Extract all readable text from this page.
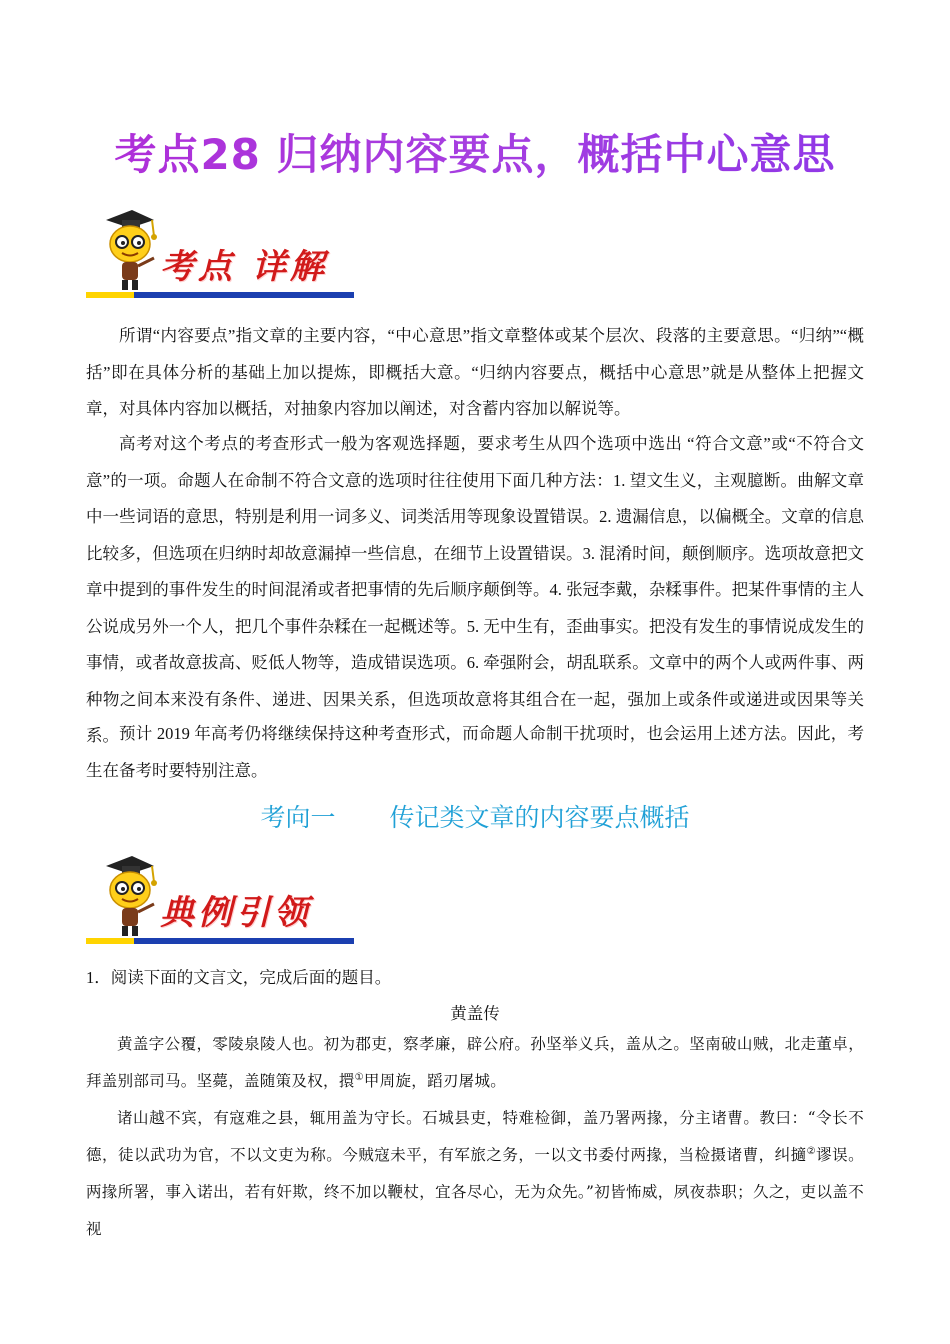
考点28 归纳内容要点，概括中心意思
考点 详解

所谓“内容要点”指文章的主要内容，“中心意思”指文章整体或某个层次、段落的主要意思。“归纳”“概括”即在具体分析的基础上加以提炼，即概括大意。“归纳内容要点，概括中心意思”就是从整体上把握文章，对具体内容加以概括，对抽象内容加以阐述，对含蓄内容加以解说等。

高考对这个考点的考查形式一般为客观选择题，要求考生从四个选项中选出 “符合文意”或“不符合文意”的一项。命题人在命制不符合文意的选项时往往使用下面几种方法：1. 望文生义，主观臆断。曲解文章中一些词语的意思，特别是利用一词多义、词类活用等现象设置错误。2. 遗漏信息，以偏概全。文章的信息比较多，但选项在归纳时却故意漏掉一些信息，在细节上设置错误。3. 混淆时间，颠倒顺序。选项故意把文章中提到的事件发生的时间混淆或者把事情的先后顺序颠倒等。4. 张冠李戴，杂糅事件。把某件事情的主人公说成另外一个人，把几个事件杂糅在一起概述等。5. 无中生有，歪曲事实。把没有发生的事情说成发生的事情，或者故意拔高、贬低人物等，造成错误选项。6. 牵强附会，胡乱联系。文章中的两个人或两件事、两种物之间本来没有条件、递进、因果关系，但选项故意将其组合在一起，强加上或条件或递进或因果等关系。 预计 2019 年高考仍将继续保持这种考查形式，而命题人命制干扰项时，也会运用上述方法。因此，考生在备考时要特别注意。

考向一 传记类文章的内容要点概括
典例引领
1．阅读下面的文言文，完成后面的题目。
黄盖传

黄盖字公覆，零陵泉陵人也。初为郡吏，察孝廉，辟公府。孙坚举义兵，盖从之。坚南破山贼，北走董卓，拜盖别部司马。坚薨，盖随策及权，擐①甲周旋，蹈刃屠城。

诸山越不宾，有寇难之县，辄用盖为守长。石城县吏，特难检御，盖乃署两掾，分主诸曹。教曰：“令长不德，徒以武功为官，不以文吏为称。今贼寇未平，有军旅之务，一以文书委付两掾，当检摄诸曹，纠擿②谬误。两掾所署，事入诺出，若有奸欺，终不加以鞭杖，宜各尽心，无为众先。”初皆怖威，夙夜恭职；久之，吏以盖不视
